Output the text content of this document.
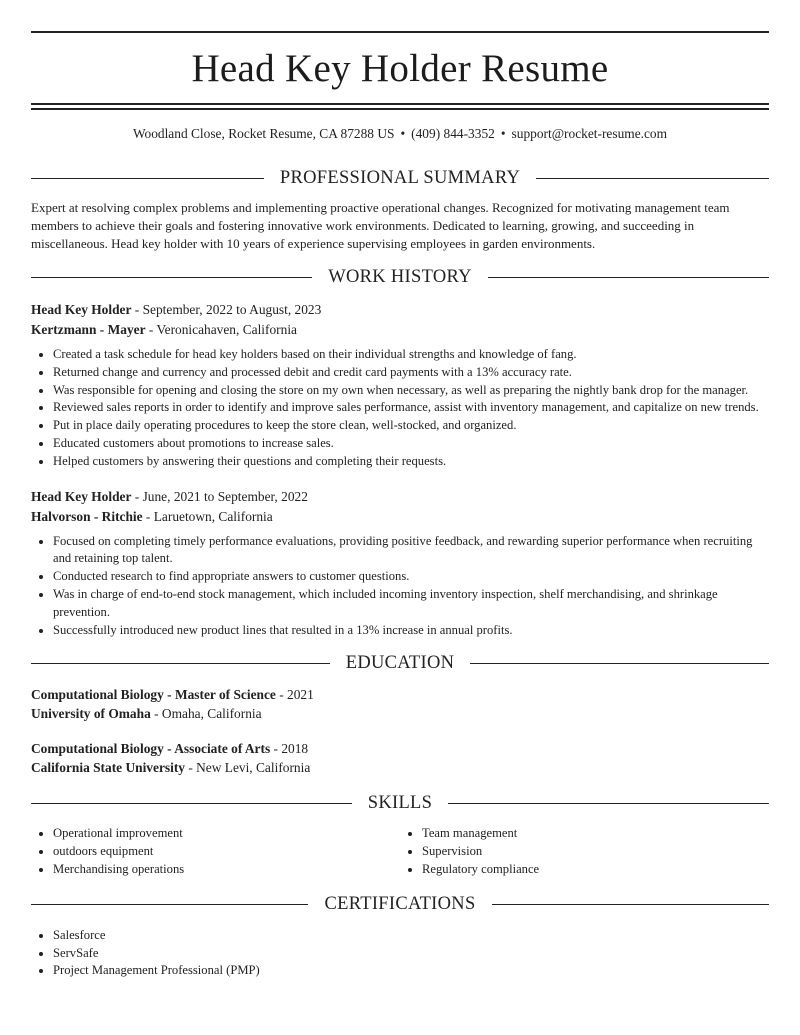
Head Key Holder Resume
Woodland Close, Rocket Resume, CA 87288 US • (409) 844-3352 • support@rocket-resume.com
PROFESSIONAL SUMMARY

Expert at resolving complex problems and implementing proactive operational changes. Recognized for motivating management team members to achieve their goals and fostering innovative work environments. Dedicated to learning, growing, and succeeding in miscellaneous. Head key holder with 10 years of experience supervising employees in garden environments.

WORK HISTORY
Head Key Holder - September, 2022 to August, 2023
Kertzmann - Mayer - Veronicahaven, California
• Created a task schedule for head key holders based on their individual strengths and knowledge of fang.
• Returned change and currency and processed debit and credit card payments with a 13% accuracy rate.
• Was responsible for opening and closing the store on my own when necessary, as well as preparing the nightly bank drop for the manager.
• Reviewed sales reports in order to identify and improve sales performance, assist with inventory management, and capitalize on new trends.
• Put in place daily operating procedures to keep the store clean, well-stocked, and organized.
• Educated customers about promotions to increase sales.
• Helped customers by answering their questions and completing their requests.
Head Key Holder - June, 2021 to September, 2022
Halvorson - Ritchie - Laruetown, California
• Focused on completing timely performance evaluations, providing positive feedback, and rewarding superior performance when recruiting and retaining top talent.
• Conducted research to find appropriate answers to customer questions.
• Was in charge of end-to-end stock management, which included incoming inventory inspection, shelf merchandising, and shrinkage prevention.
• Successfully introduced new product lines that resulted in a 13% increase in annual profits.
EDUCATION
Computational Biology - Master of Science - 2021
University of Omaha - Omaha, California
Computational Biology - Associate of Arts - 2018
California State University - New Levi, California
SKILLS
• Operational improvement
• outdoors equipment
• Merchandising operations
• Team management
• Supervision
• Regulatory compliance
CERTIFICATIONS
• Salesforce
• ServSafe
• Project Management Professional (PMP)
